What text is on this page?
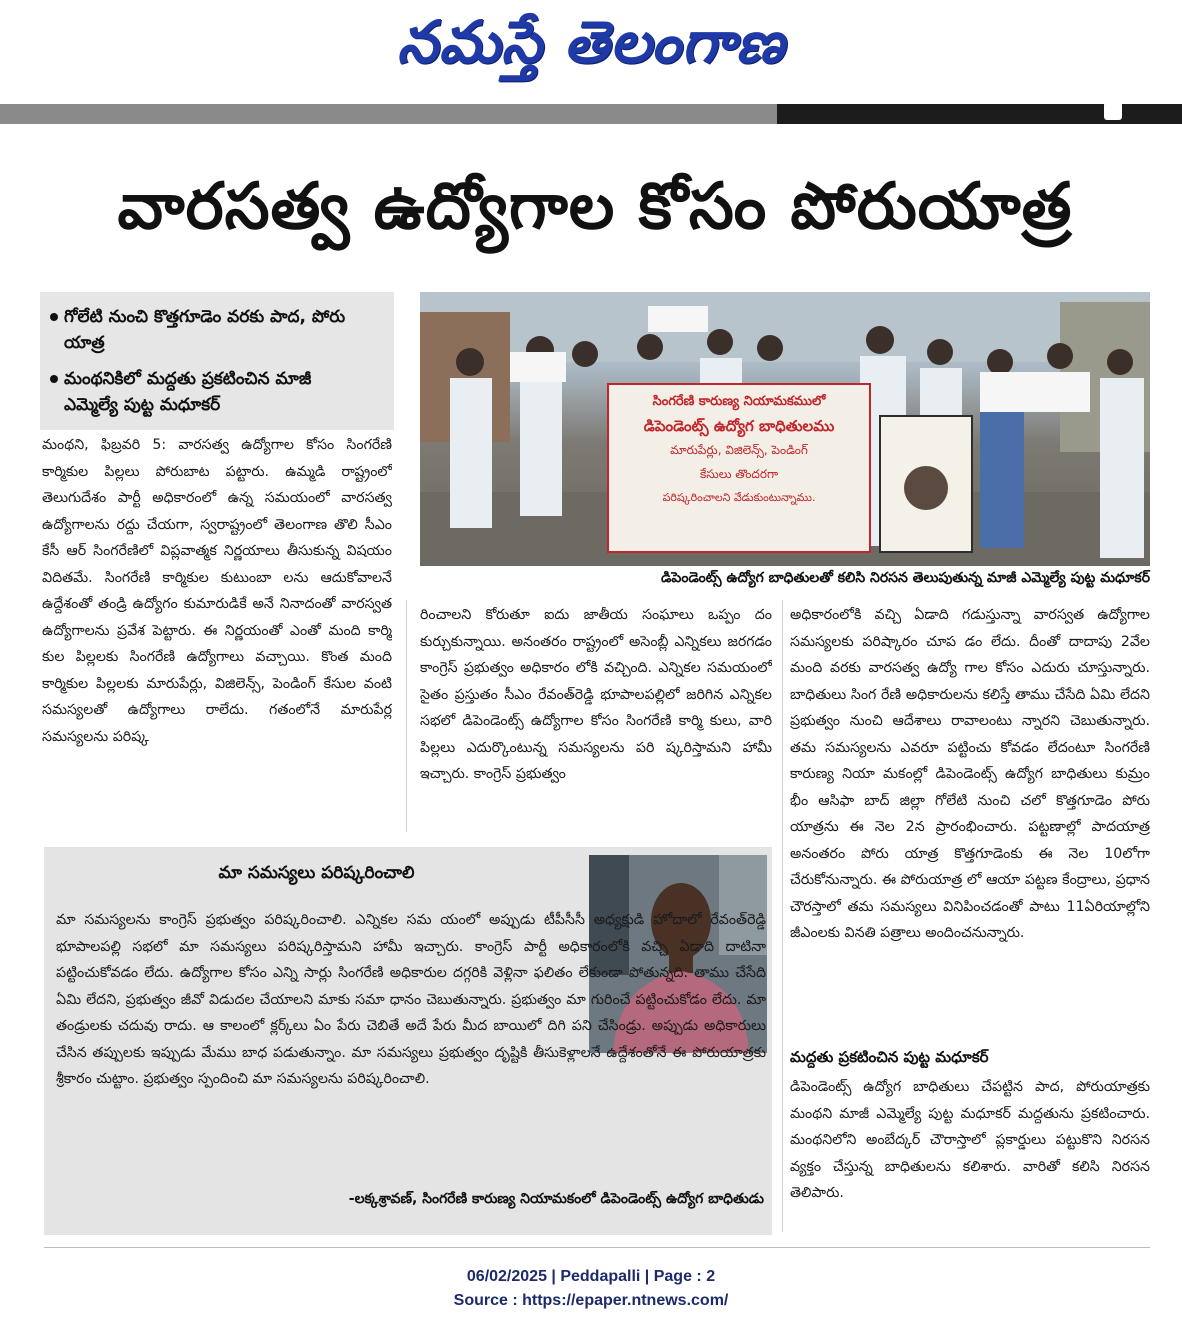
నమస్తే తెలంగాణ
వారసత్వ ఉద్యోగాల కోసం పోరుయాత్ర
గోలేటి నుంచి కొత్తగూడెం వరకు పాద, పోరు యాత్ర
మంథనికిలో మద్దతు ప్రకటించిన మాజీ ఎమ్మెల్యే పుట్ట మధూకర్
మంథని, ఫిబ్రవరి 5: వారసత్వ ఉద్యోగాల కోసం సింగరేణి కార్మికుల పిల్లలు పోరుబాట పట్టారు. ఉమ్మడి రాష్ట్రంలో తెలుగుదేశం పార్టీ అధికారంలో ఉన్న సమయంలో వారసత్వ ఉద్యోగాలను రద్దు చేయగా, స్వరాష్ట్రంలో తెలంగాణ తొలి సీఎం కేసీ ఆర్ సింగరేణిలో విప్లవాత్మక నిర్ణయాలు తీసుకున్న విషయం విదితమే. సింగరేణి కార్మికుల కుటుంబా లను ఆదుకోవాలనే ఉద్దేశంతో తండ్రి ఉద్యోగం కుమారుడికే అనే నినాదంతో వారస్వత ఉద్యోగాలను ప్రవేశ పెట్టారు. ఈ నిర్ణయంతో ఎంతో మంది కార్మి కుల పిల్లలకు సింగరేణి ఉద్యోగాలు వచ్చాయి. కొంత మంది కార్మికుల పిల్లలకు మారుపేర్లు, విజిలెన్స్, పెండింగ్ కేసుల వంటి సమస్యలతో ఉద్యోగాలు రాలేదు. గతంలోనే మారుపేర్ల సమస్యలను పరిష్క
సింగరేణి కారుణ్య నియామకములో
డిపెండెంట్స్ ఉద్యోగ బాధితులము
మారుపేర్లు, విజిలెన్స్, పెండింగ్
కేసులు తొందరగా
పరిష్కరించాలని వేడుకుంటున్నాము.
డిపెండెంట్స్ ఉద్యోగ బాధితులతో కలిసి నిరసన తెలుపుతున్న మాజీ ఎమ్మెల్యే పుట్ట మధూకర్
రించాలని కోరుతూ ఐదు జాతీయ సంఘాలు ఒప్పం దం కుర్చుకున్నాయి. అనంతరం రాష్ట్రంలో అసెంబ్లీ ఎన్నికలు జరగడం కాంగ్రెస్ ప్రభుత్వం అధికారం లోకి వచ్చింది. ఎన్నికల సమయంలో సైతం ప్రస్తుతం సీఎం రేవంత్‌రెడ్డి భూపాలపల్లిలో జరిగిన ఎన్నికల సభలో డిపెండెంట్స్ ఉద్యోగాల కోసం సింగరేణి కార్మి కులు, వారి పిల్లలు ఎదుర్కొంటున్న సమస్యలను పరి ష్కరిస్తామని హామీ ఇచ్చారు. కాంగ్రెస్ ప్రభుత్వం
అధికారంలోకి వచ్చి ఏడాది గడుస్తున్నా వారస్వత ఉద్యోగాల సమస్యలకు పరిష్కారం చూప డం లేదు. దీంతో దాదాపు 2వేల మంది వరకు వారసత్వ ఉద్యో గాల కోసం ఎదురు చూస్తున్నారు. బాధితులు సింగ రేణి అధికారులను కలిస్తే తాము చేసేది ఏమి లేదని ప్రభుత్వం నుంచి ఆదేశాలు రావాలంటు న్నారని చెబుతున్నారు. తమ సమస్యలను ఎవరూ పట్టించు కోవడం లేదంటూ సింగరేణి కారుణ్య నియా మకంల్లో డిపెండెంట్స్ ఉద్యోగ బాధితులు కుమ్రం భీం ఆసిఫా బాద్ జిల్లా గోలేటి నుంచి చలో కొత్తగూడెం పోరు యాత్రను ఈ నెల 2న ప్రారంభించారు. పట్టణాల్లో పాదయాత్ర అనంతరం పోరు యాత్ర కొత్తగూడెంకు ఈ నెల 10లోగా చేరుకోనున్నారు. ఈ పోరుయాత్ర లో ఆయా పట్టణ కేంద్రాలు, ప్రధాన చౌరస్తాలో తమ సమస్యలు వినిపించడంతో పాటు 11ఏరియాల్లోని జీఎంలకు వినతి పత్రాలు అందించనున్నారు.
మద్దతు ప్రకటించిన పుట్ట మధూకర్
డిపెండెంట్స్ ఉద్యోగ బాధితులు చేపట్టిన పాద, పోరుయాత్రకు మంథని మాజీ ఎమ్మెల్యే పుట్ట మధూకర్ మద్దతును ప్రకటించారు. మంథనిలోని అంబేద్కర్ చౌరాస్తాలో ప్లకార్డులు పట్టుకొని నిరసన వ్యక్తం చేస్తున్న బాధితులను కలిశారు. వారితో కలిసి నిరసన తెలిపారు.
మా సమస్యలు పరిష్కరించాలి
మా సమస్యలను కాంగ్రెస్ ప్రభుత్వం పరిష్కరించాలి. ఎన్నికల సమ యంలో అప్పుడు టీపీసీసీ అధ్యక్షుడి హోదాలో రేవంత్‌రెడ్డి భూపాలపల్లి సభలో మా సమస్యలు పరిష్కరిస్తామని హామీ ఇచ్చారు. కాంగ్రెస్ పార్టీ అధికారంలోకి వచ్చి ఏడాది దాటినా పట్టించుకోవడం లేదు. ఉద్యోగాల కోసం ఎన్ని సార్లు సింగరేణి అధికారుల దగ్గరికి వెళ్లినా ఫలితం లేకుండా పోతున్నది. తాము చేసేది ఏమి లేదని, ప్రభుత్వం జీవో విడుదల చేయాలని మాకు సమా ధానం చెబుతున్నారు. ప్రభుత్వం మా గురించే పట్టించుకోడం లేదు. మా తండ్రులకు చదువు రాదు. ఆ కాలంలో క్లర్క్‌లు ఏం పేరు చెబితే అదే పేరు మీద బాయిలో దిగి పని చేసిండ్రు. అప్పుడు అధికారులు చేసిన తప్పులకు ఇప్పుడు మేము బాధ పడుతున్నాం. మా సమస్యలు ప్రభుత్వం దృష్టికి తీసుకెళ్లాలనే ఉద్దేశంతోనే ఈ పోరుయాత్రకు శ్రీకారం చుట్టాం. ప్రభుత్వం స్పందించి మా సమస్యలను పరిష్కరించాలి.
-లక్కశ్రావణ్, సింగరేణి కారుణ్య నియామకంలో డిపెండెంట్స్ ఉద్యోగ బాధితుడు
06/02/2025 | Peddapalli | Page : 2
Source : https://epaper.ntnews.com/
